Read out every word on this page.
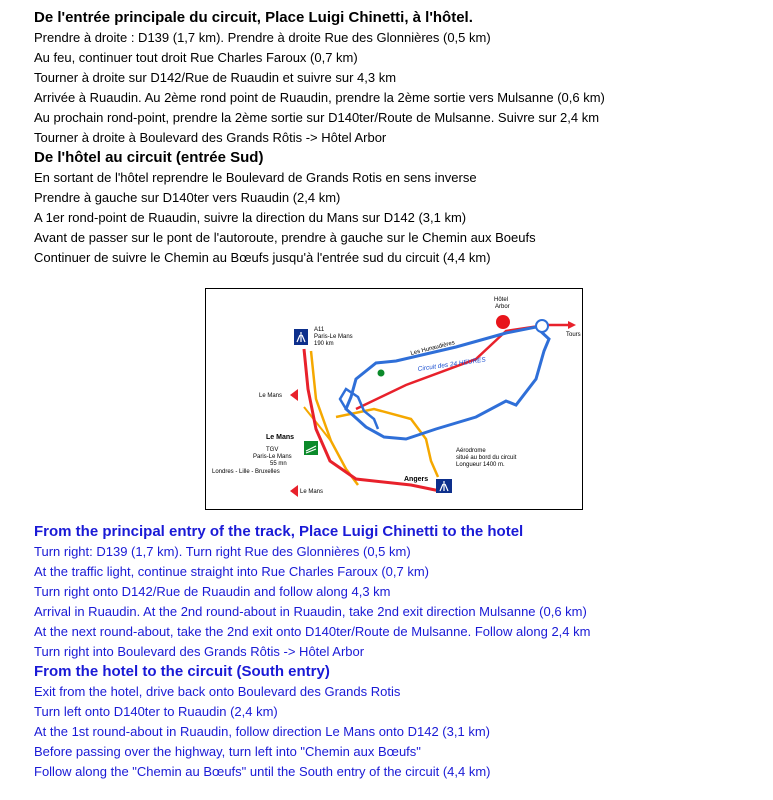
De l'entrée principale du circuit, Place Luigi Chinetti, à l'hôtel.
Prendre à droite : D139 (1,7 km). Prendre à droite Rue des Glonnières (0,5 km)
Au feu, continuer tout droit Rue Charles Faroux (0,7 km)
Tourner à droite sur D142/Rue de Ruaudin et suivre sur 4,3 km
Arrivée à Ruaudin. Au 2ème rond point de Ruaudin, prendre la 2ème sortie vers Mulsanne (0,6 km)
Au prochain rond-point, prendre la 2ème sortie sur D140ter/Route de Mulsanne. Suivre sur 2,4 km
Tourner à droite à Boulevard des Grands Rôtis -> Hôtel Arbor
De l'hôtel au circuit (entrée Sud)
En sortant de l'hôtel reprendre le Boulevard de Grands Rotis en sens inverse
Prendre à gauche sur D140ter vers Ruaudin (2,4 km)
A 1er rond-point de Ruaudin, suivre la direction du Mans sur D142 (3,1 km)
Avant de passer sur le pont de l'autoroute, prendre à gauche sur le Chemin aux Boeufs
Continuer de suivre le Chemin au Bœufs jusqu'à l'entrée sud du circuit (4,4 km)
Hôtel
Arbor
Tours
A11
Paris-Le Mans
190 km	Les Hunaudières
Circuit des 24 HEURES
Le Mans
Le Mans
TGV
Paris-Le Mans
55 mn
Londres - Lille - Bruxelles
Aérodrome
situé au bord du circuit
Longueur 1400 m.
Angers
Le Mans
From the principal entry of the track, Place Luigi Chinetti to the hotel
Turn right: D139 (1,7 km). Turn right Rue des Glonnières (0,5 km)
At the traffic light, continue straight into Rue Charles Faroux (0,7 km)
Turn right onto D142/Rue de Ruaudin and follow along 4,3 km
Arrival in Ruaudin. At the 2nd round-about in Ruaudin, take 2nd exit direction Mulsanne (0,6 km)
At the next round-about, take the 2nd exit onto D140ter/Route de Mulsanne. Follow along 2,4 km
Turn right into Boulevard des Grands Rôtis -> Hôtel Arbor
From the hotel to the circuit (South entry)
Exit from the hotel, drive back onto Boulevard des Grands Rotis
Turn left onto D140ter to Ruaudin (2,4 km)
At the 1st round-about in Ruaudin, follow direction Le Mans onto D142 (3,1 km)
Before passing over the highway, turn left into "Chemin aux Bœufs"
Follow along the "Chemin au Bœufs" until the South entry of the circuit (4,4 km)
